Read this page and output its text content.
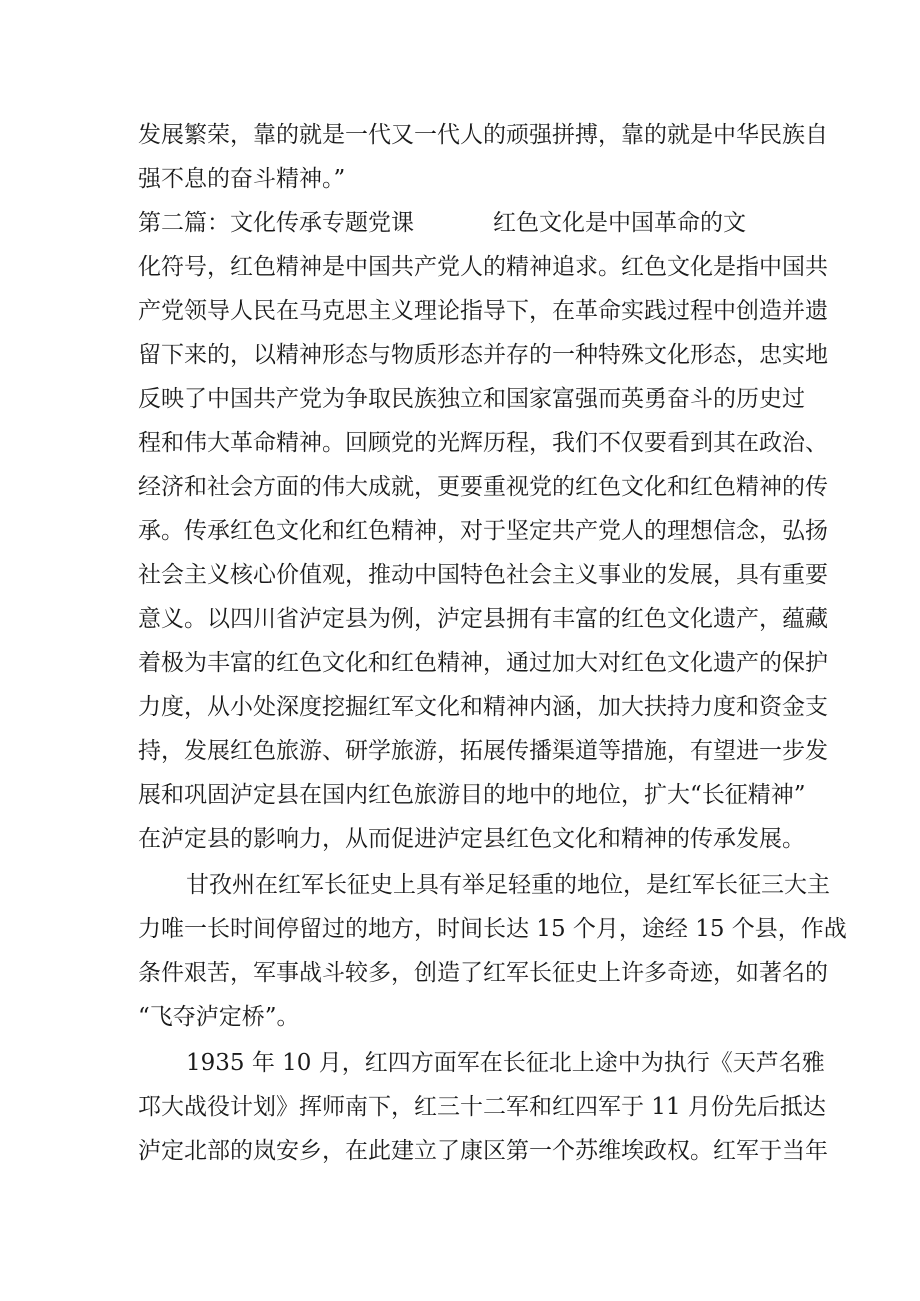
发展繁荣，靠的就是一代又一代人的顽强拼搏，靠的就是中华民族自
强不息的奋斗精神。”
第二篇：文化传承专题党课	红色文化是中国革命的文
化符号，红色精神是中国共产党人的精神追求。红色文化是指中国共
产党领导人民在马克思主义理论指导下，在革命实践过程中创造并遗
留下来的，以精神形态与物质形态并存的一种特殊文化形态，忠实地
反映了中国共产党为争取民族独立和国家富强而英勇奋斗的历史过
程和伟大革命精神。回顾党的光辉历程，我们不仅要看到其在政治、
经济和社会方面的伟大成就，更要重视党的红色文化和红色精神的传
承。传承红色文化和红色精神，对于坚定共产党人的理想信念，弘扬
社会主义核心价值观，推动中国特色社会主义事业的发展，具有重要
意义。以四川省泸定县为例，泸定县拥有丰富的红色文化遗产，蕴藏
着极为丰富的红色文化和红色精神，通过加大对红色文化遗产的保护
力度，从小处深度挖掘红军文化和精神内涵，加大扶持力度和资金支
持，发展红色旅游、研学旅游，拓展传播渠道等措施，有望进一步发
展和巩固泸定县在国内红色旅游目的地中的地位，扩大“长征精神”
在泸定县的影响力，从而促进泸定县红色文化和精神的传承发展。
甘孜州在红军长征史上具有举足轻重的地位，是红军长征三大主
力唯一长时间停留过的地方，时间长达 15 个月，途经 15 个县，作战
条件艰苦，军事战斗较多，创造了红军长征史上许多奇迹，如著名的
“飞夺泸定桥”。
1935 年 10 月，红四方面军在长征北上途中为执行《天芦名雅
邛大战役计划》挥师南下，红三十二军和红四军于 11 月份先后抵达
泸定北部的岚安乡，在此建立了康区第一个苏维埃政权。红军于当年
